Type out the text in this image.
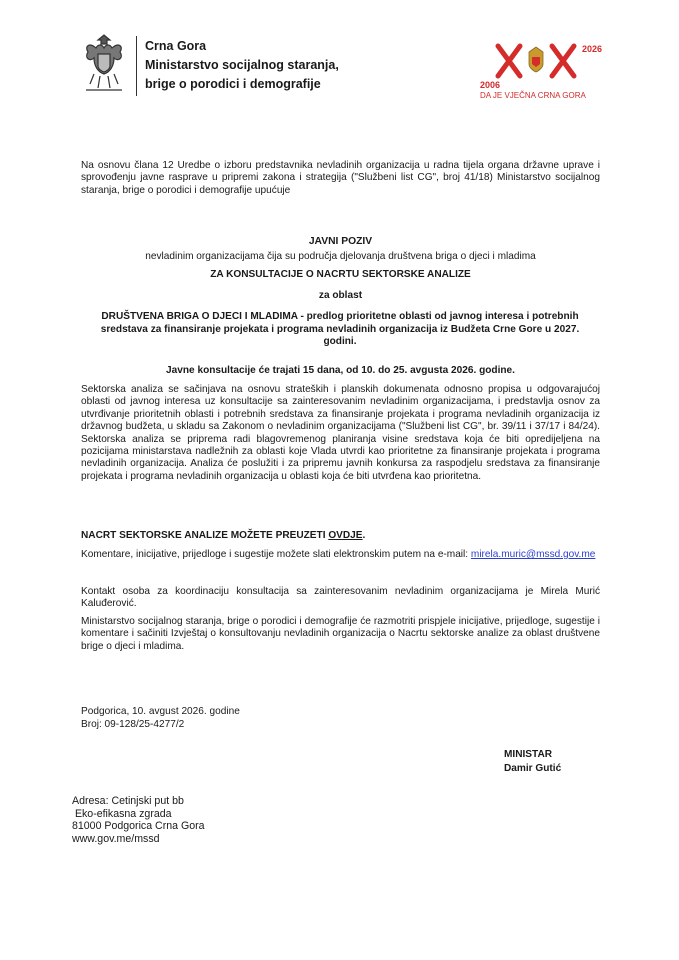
Crna Gora
Ministarstvo socijalnog staranja,
brige o porodici i demografije
2026
2006
DA JE VJEČNA CRNA GORA
Na osnovu člana 12 Uredbe o izboru predstavnika nevladinih organizacija u radna tijela organa državne uprave i sprovođenju javne rasprave u pripremi zakona i strategija ("Službeni list CG", broj 41/18) Ministarstvo socijalnog staranja, brige o porodici i demografije upućuje
JAVNI POZIV
nevladinim organizacijama čija su područja djelovanja društvena briga o djeci i mladima
ZA KONSULTACIJE O NACRTU SEKTORSKE ANALIZE
za oblast
DRUŠTVENA BRIGA O DJECI I MLADIMA - predlog prioritetne oblasti od javnog interesa i potrebnih sredstava za finansiranje projekata i programa nevladinih organizacija iz Budžeta Crne Gore u 2027. godini.
Javne konsultacije će trajati 15 dana, od 10. do 25. avgusta 2026. godine.
Sektorska analiza se sačinjava na osnovu strateških i planskih dokumenata odnosno propisa u odgovarajućoj oblasti od javnog interesa uz konsultacije sa zainteresovanim nevladinim organizacijama, i predstavlja osnov za utvrđivanje prioritetnih oblasti i potrebnih sredstava za finansiranje projekata i programa nevladinih organizacija iz državnog budžeta, u skladu sa Zakonom o nevladinim organizacijama ("Službeni list CG", br. 39/11 i 37/17 i 84/24). Sektorska analiza se priprema radi blagovremenog planiranja visine sredstava koja će biti opredijeljena na pozicijama ministarstava nadležnih za oblasti koje Vlada utvrdi kao prioritetne za finansiranje projekata i programa nevladinih organizacija. Analiza će poslužiti i za pripremu javnih konkursa za raspodjelu sredstava za finansiranje projekata i programa nevladinih organizacija u oblasti koja će biti utvrđena kao prioritetna.
NACRT SEKTORSKE ANALIZE MOŽETE PREUZETI OVDJE.
Komentare, inicijative, prijedloge i sugestije možete slati elektronskim putem na e-mail: mirela.muric@mssd.gov.me
Kontakt osoba za koordinaciju konsultacija sa zainteresovanim nevladinim organizacijama je Mirela Murić Kaluđerović.
Ministarstvo socijalnog staranja, brige o porodici i demografije će razmotriti prispjele inicijative, prijedloge, sugestije i komentare i sačiniti Izvještaj o konsultovanju nevladinih organizacija o Nacrtu sektorske analize za oblast društvene brige o djeci i mladima.
Podgorica, 10. avgust 2026. godine
Broj: 09-128/25-4277/2
MINISTAR
Damir Gutić
Adresa: Cetinjski put bb
Eko-efikasna zgrada
81000 Podgorica Crna Gora
www.gov.me/mssd
